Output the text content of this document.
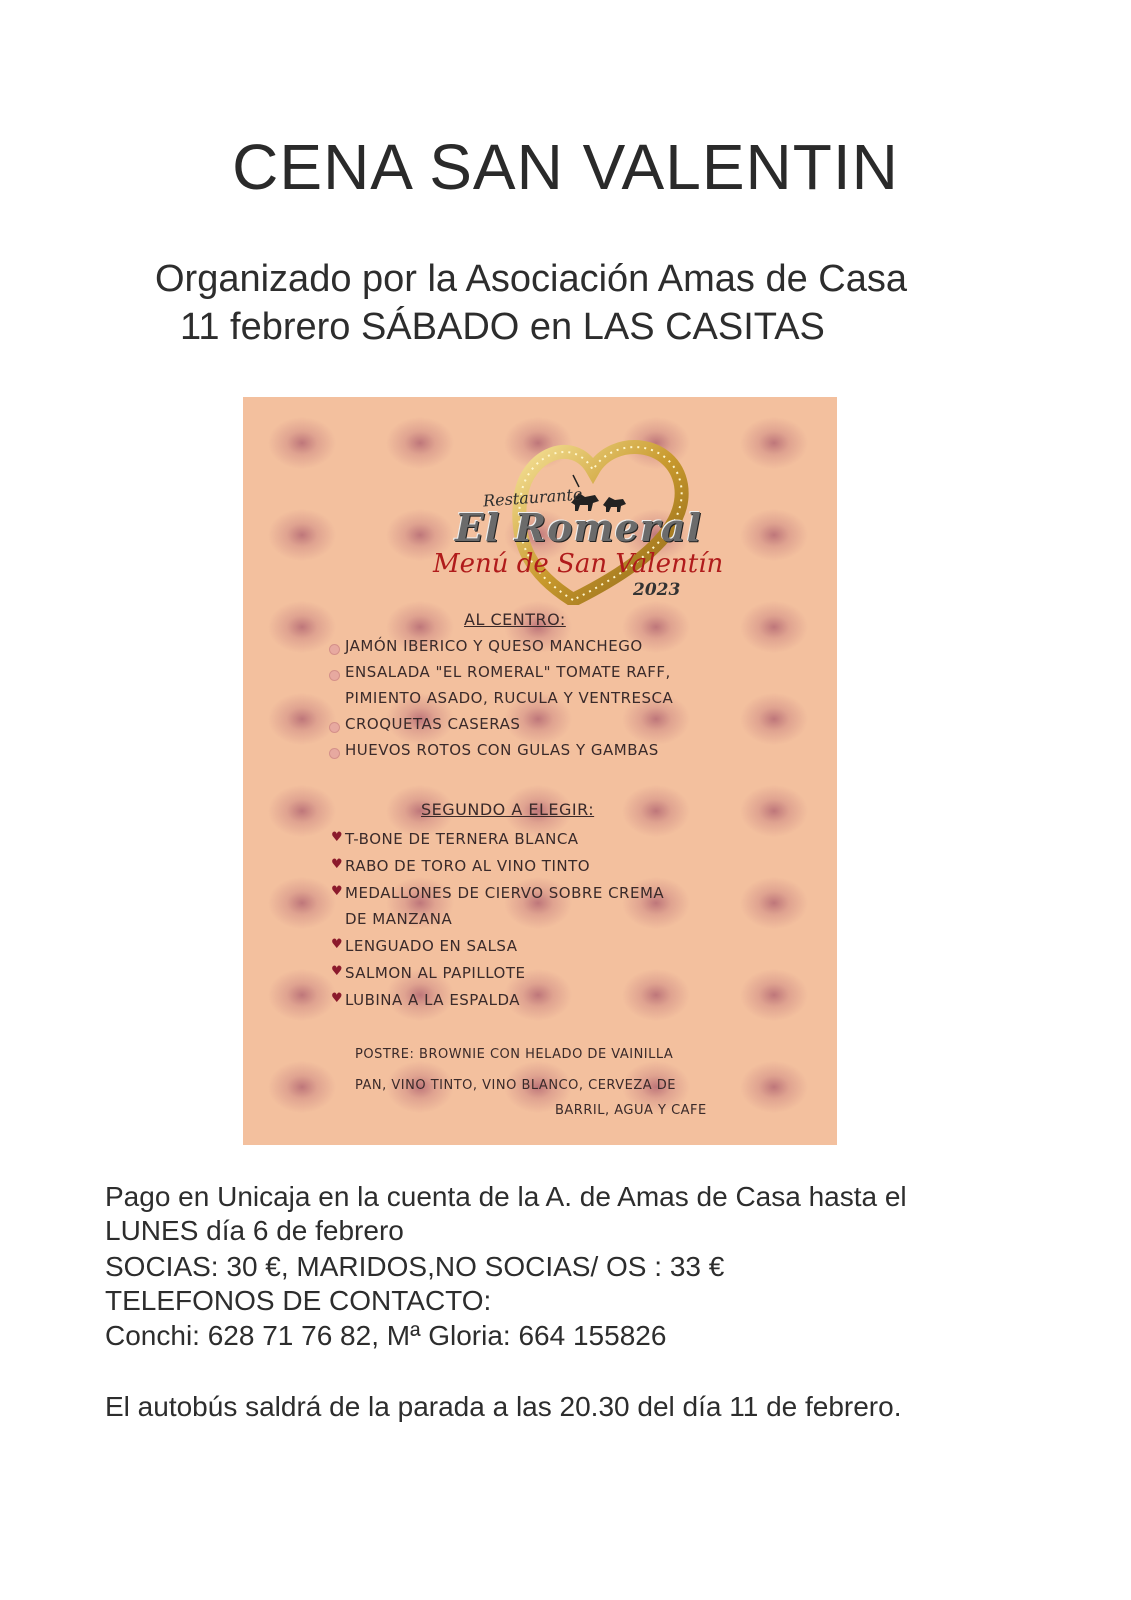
CENA SAN VALENTIN
Organizado por la Asociación Amas de Casa
11 febrero SÁBADO en LAS CASITAS
Restaurante
El Romeral
Menú de San Valentín
2023
AL CENTRO:
JAMÓN IBERICO Y QUESO MANCHEGO
ENSALADA "EL ROMERAL" TOMATE RAFF,
PIMIENTO ASADO, RUCULA Y VENTRESCA
CROQUETAS CASERAS
HUEVOS ROTOS CON GULAS Y GAMBAS
SEGUNDO A ELEGIR:
♥ T-BONE DE TERNERA BLANCA
♥ RABO DE TORO AL VINO TINTO
♥ MEDALLONES DE CIERVO SOBRE CREMA
DE MANZANA
♥ LENGUADO EN SALSA
♥ SALMON AL PAPILLOTE
♥ LUBINA A LA ESPALDA
POSTRE: BROWNIE CON HELADO DE VAINILLA
PAN, VINO TINTO, VINO BLANCO, CERVEZA DE
BARRIL, AGUA Y CAFE
Pago en Unicaja en la cuenta de la A. de Amas de Casa hasta el
LUNES día 6 de febrero
SOCIAS: 30 €, MARIDOS,NO SOCIAS/ OS : 33 €
TELEFONOS DE CONTACTO:
Conchi: 628 71 76 82, Mª Gloria: 664 155826
El autobús saldrá de la parada a las 20.30 del día 11 de febrero.
